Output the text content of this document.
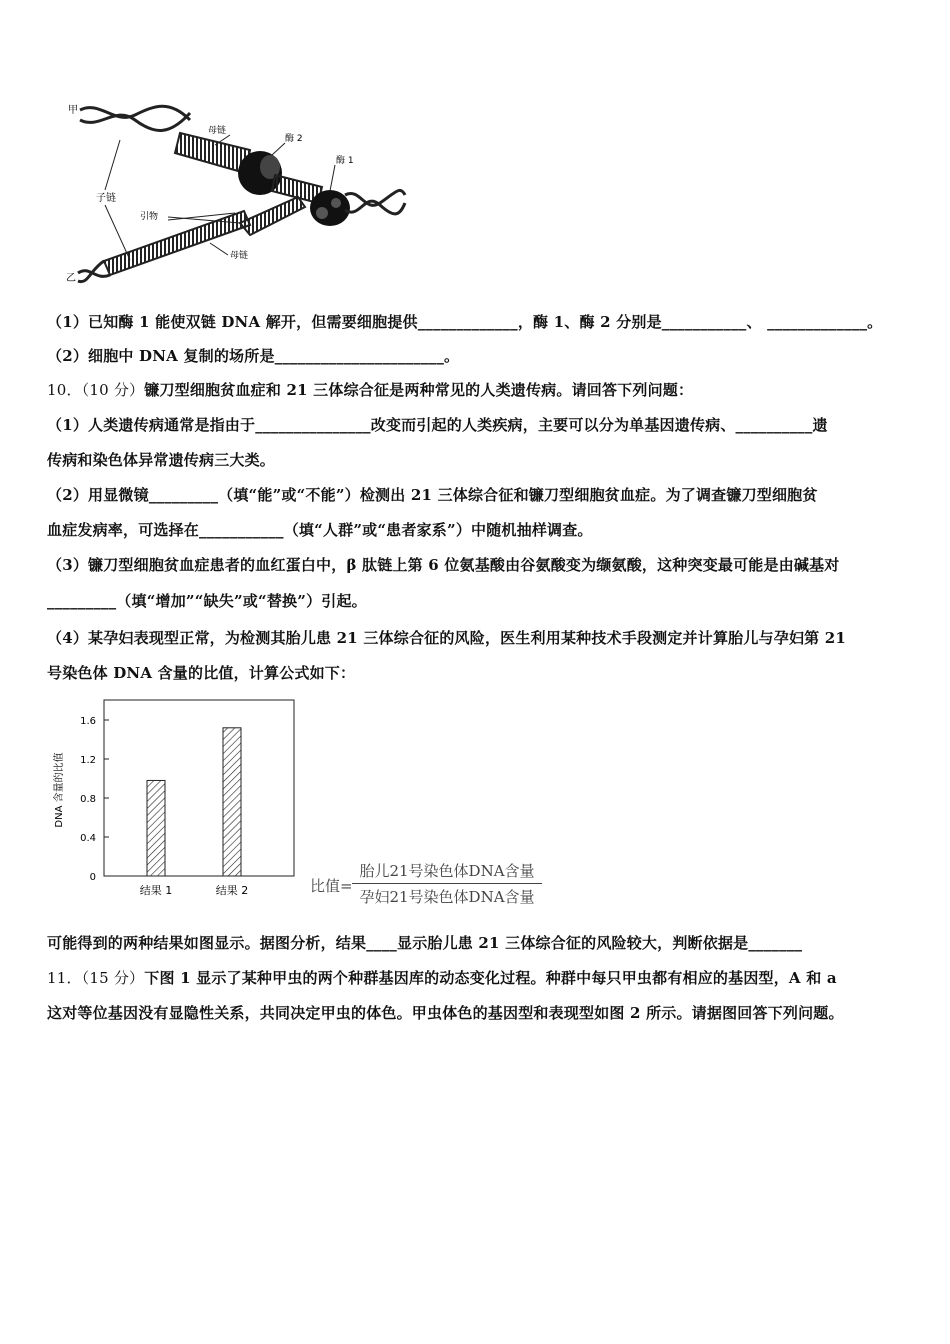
甲
乙
子链
母链
酶 2
酶 1
引物
母链
（1）已知酶 1 能使双链 DNA 解开，但需要细胞提供_____________，酶 1、酶 2 分别是___________、 _____________。
（2）细胞中 DNA 复制的场所是______________________。
10．（10 分）镰刀型细胞贫血症和 21 三体综合征是两种常见的人类遗传病。请回答下列问题：
（1）人类遗传病通常是指由于_______________改变而引起的人类疾病，主要可以分为单基因遗传病、__________遗
传病和染色体异常遗传病三大类。
（2）用显微镜_________（填“能”或“不能”）检测出 21 三体综合征和镰刀型细胞贫血症。为了调查镰刀型细胞贫
血症发病率，可选择在___________（填“人群”或“患者家系”）中随机抽样调查。
（3）镰刀型细胞贫血症患者的血红蛋白中，β 肽链上第 6 位氨基酸由谷氨酸变为缬氨酸，这种突变最可能是由碱基对
_________（填“增加”“缺失”或“替换”）引起。
（4）某孕妇表现型正常，为检测其胎儿患 21 三体综合征的风险，医生利用某种技术手段测定并计算胎儿与孕妇第 21
号染色体 DNA 含量的比值，计算公式如下：
0
0.4
0.8
1.2
1.6
结果 1	结果 2
DNA 含量的比值
比值=
胎儿21号染色体DNA含量
孕妇21号染色体DNA含量
可能得到的两种结果如图显示。据图分析，结果____显示胎儿患 21 三体综合征的风险较大，判断依据是_______
11．（15 分）下图 1 显示了某种甲虫的两个种群基因库的动态变化过程。种群中每只甲虫都有相应的基因型，A 和 a
这对等位基因没有显隐性关系，共同决定甲虫的体色。甲虫体色的基因型和表现型如图 2 所示。请据图回答下列问题。
